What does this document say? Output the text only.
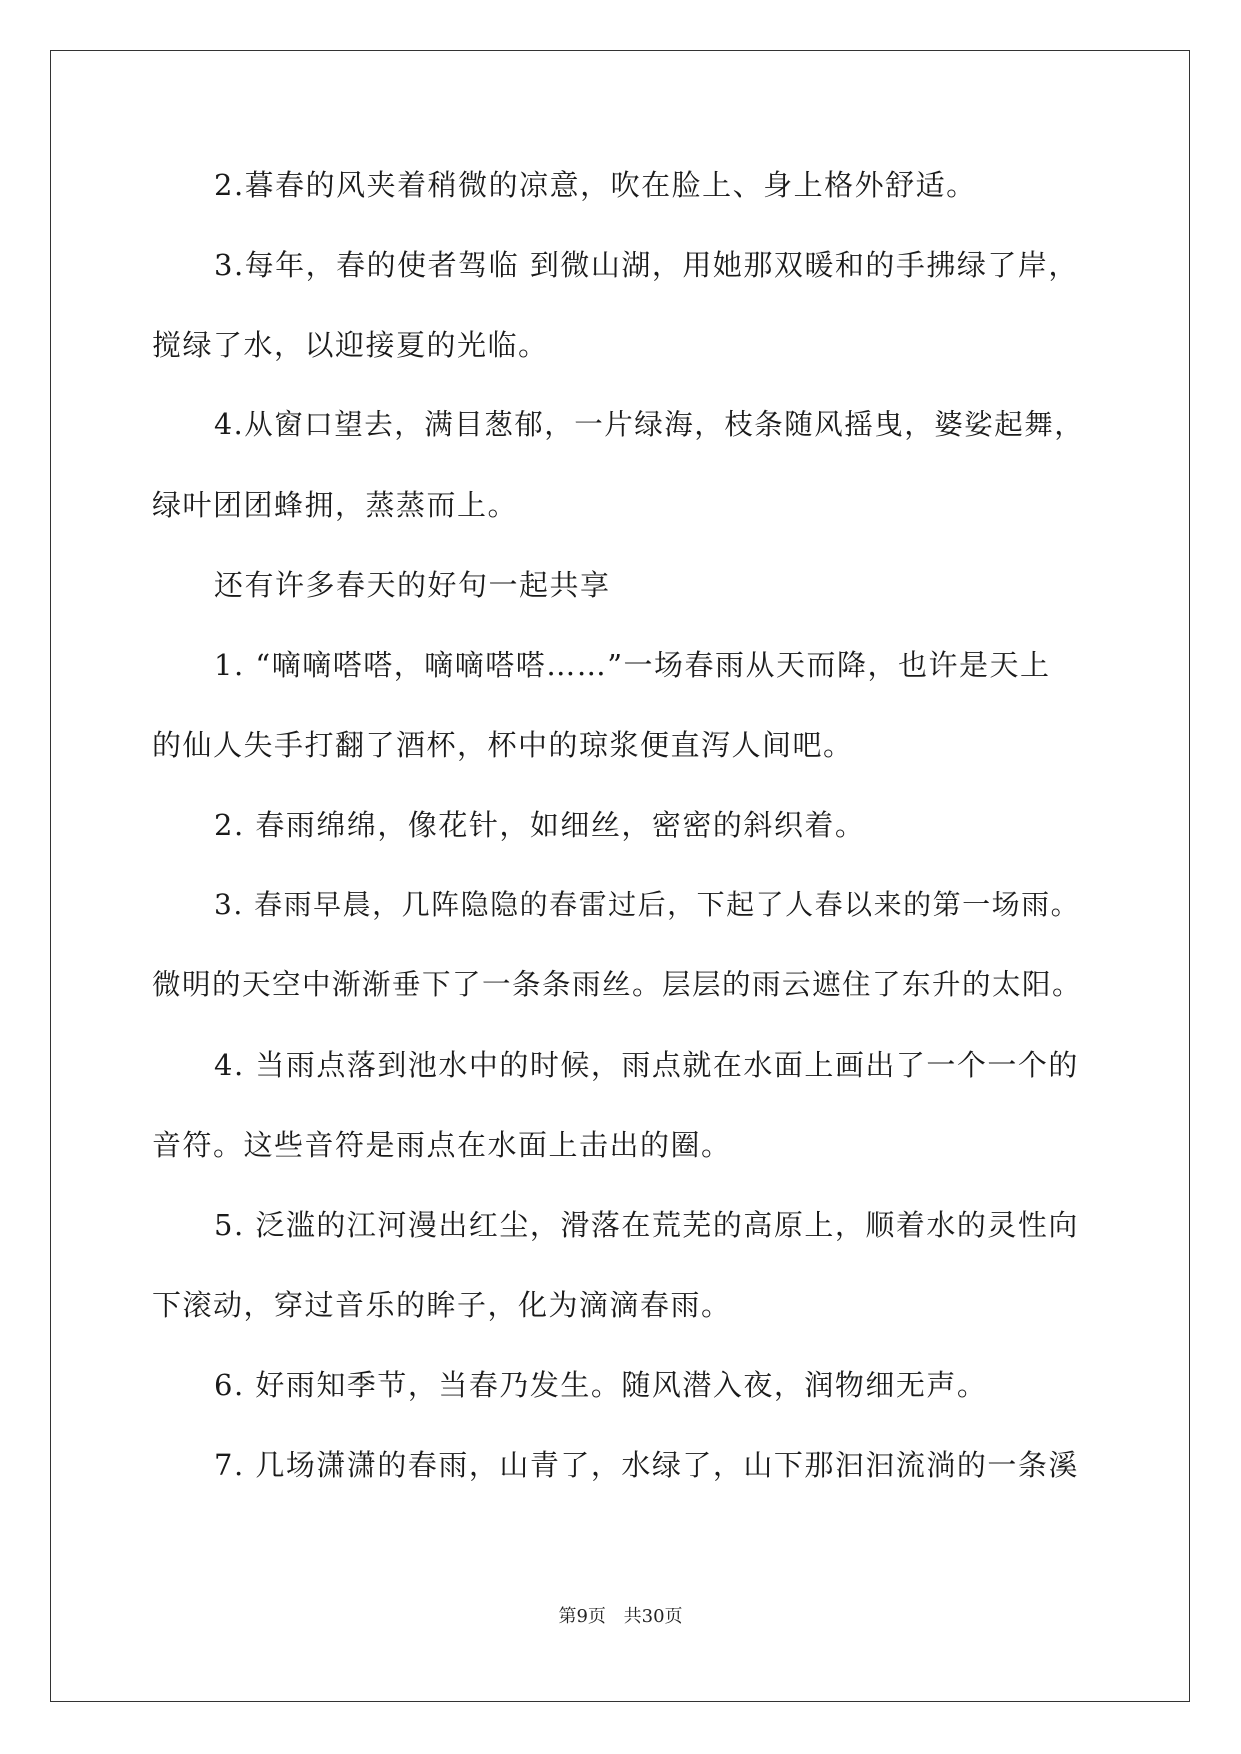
2.暮春的风夹着稍微的凉意，吹在脸上、身上格外舒适。
3.每年，春的使者驾临 到微山湖，用她那双暖和的手拂绿了岸，
搅绿了水，以迎接夏的光临。
4.从窗口望去，满目葱郁，一片绿海，枝条随风摇曳，婆娑起舞，
绿叶团团蜂拥，蒸蒸而上。
还有许多春天的好句一起共享
1. “嘀嘀嗒嗒，嘀嘀嗒嗒……”一场春雨从天而降，也许是天上
的仙人失手打翻了酒杯，杯中的琼浆便直泻人间吧。
2. 春雨绵绵，像花针，如细丝，密密的斜织着。
3. 春雨早晨，几阵隐隐的春雷过后，下起了人春以来的第一场雨。
微明的天空中渐渐垂下了一条条雨丝。层层的雨云遮住了东升的太阳。
4. 当雨点落到池水中的时候，雨点就在水面上画出了一个一个的
音符。这些音符是雨点在水面上击出的圈。
5. 泛滥的江河漫出红尘，滑落在荒芜的高原上，顺着水的灵性向
下滚动，穿过音乐的眸子，化为滴滴春雨。
6. 好雨知季节，当春乃发生。随风潜入夜，润物细无声。
7. 几场潇潇的春雨，山青了，水绿了，山下那汩汩流淌的一条溪
第9页 共30页
